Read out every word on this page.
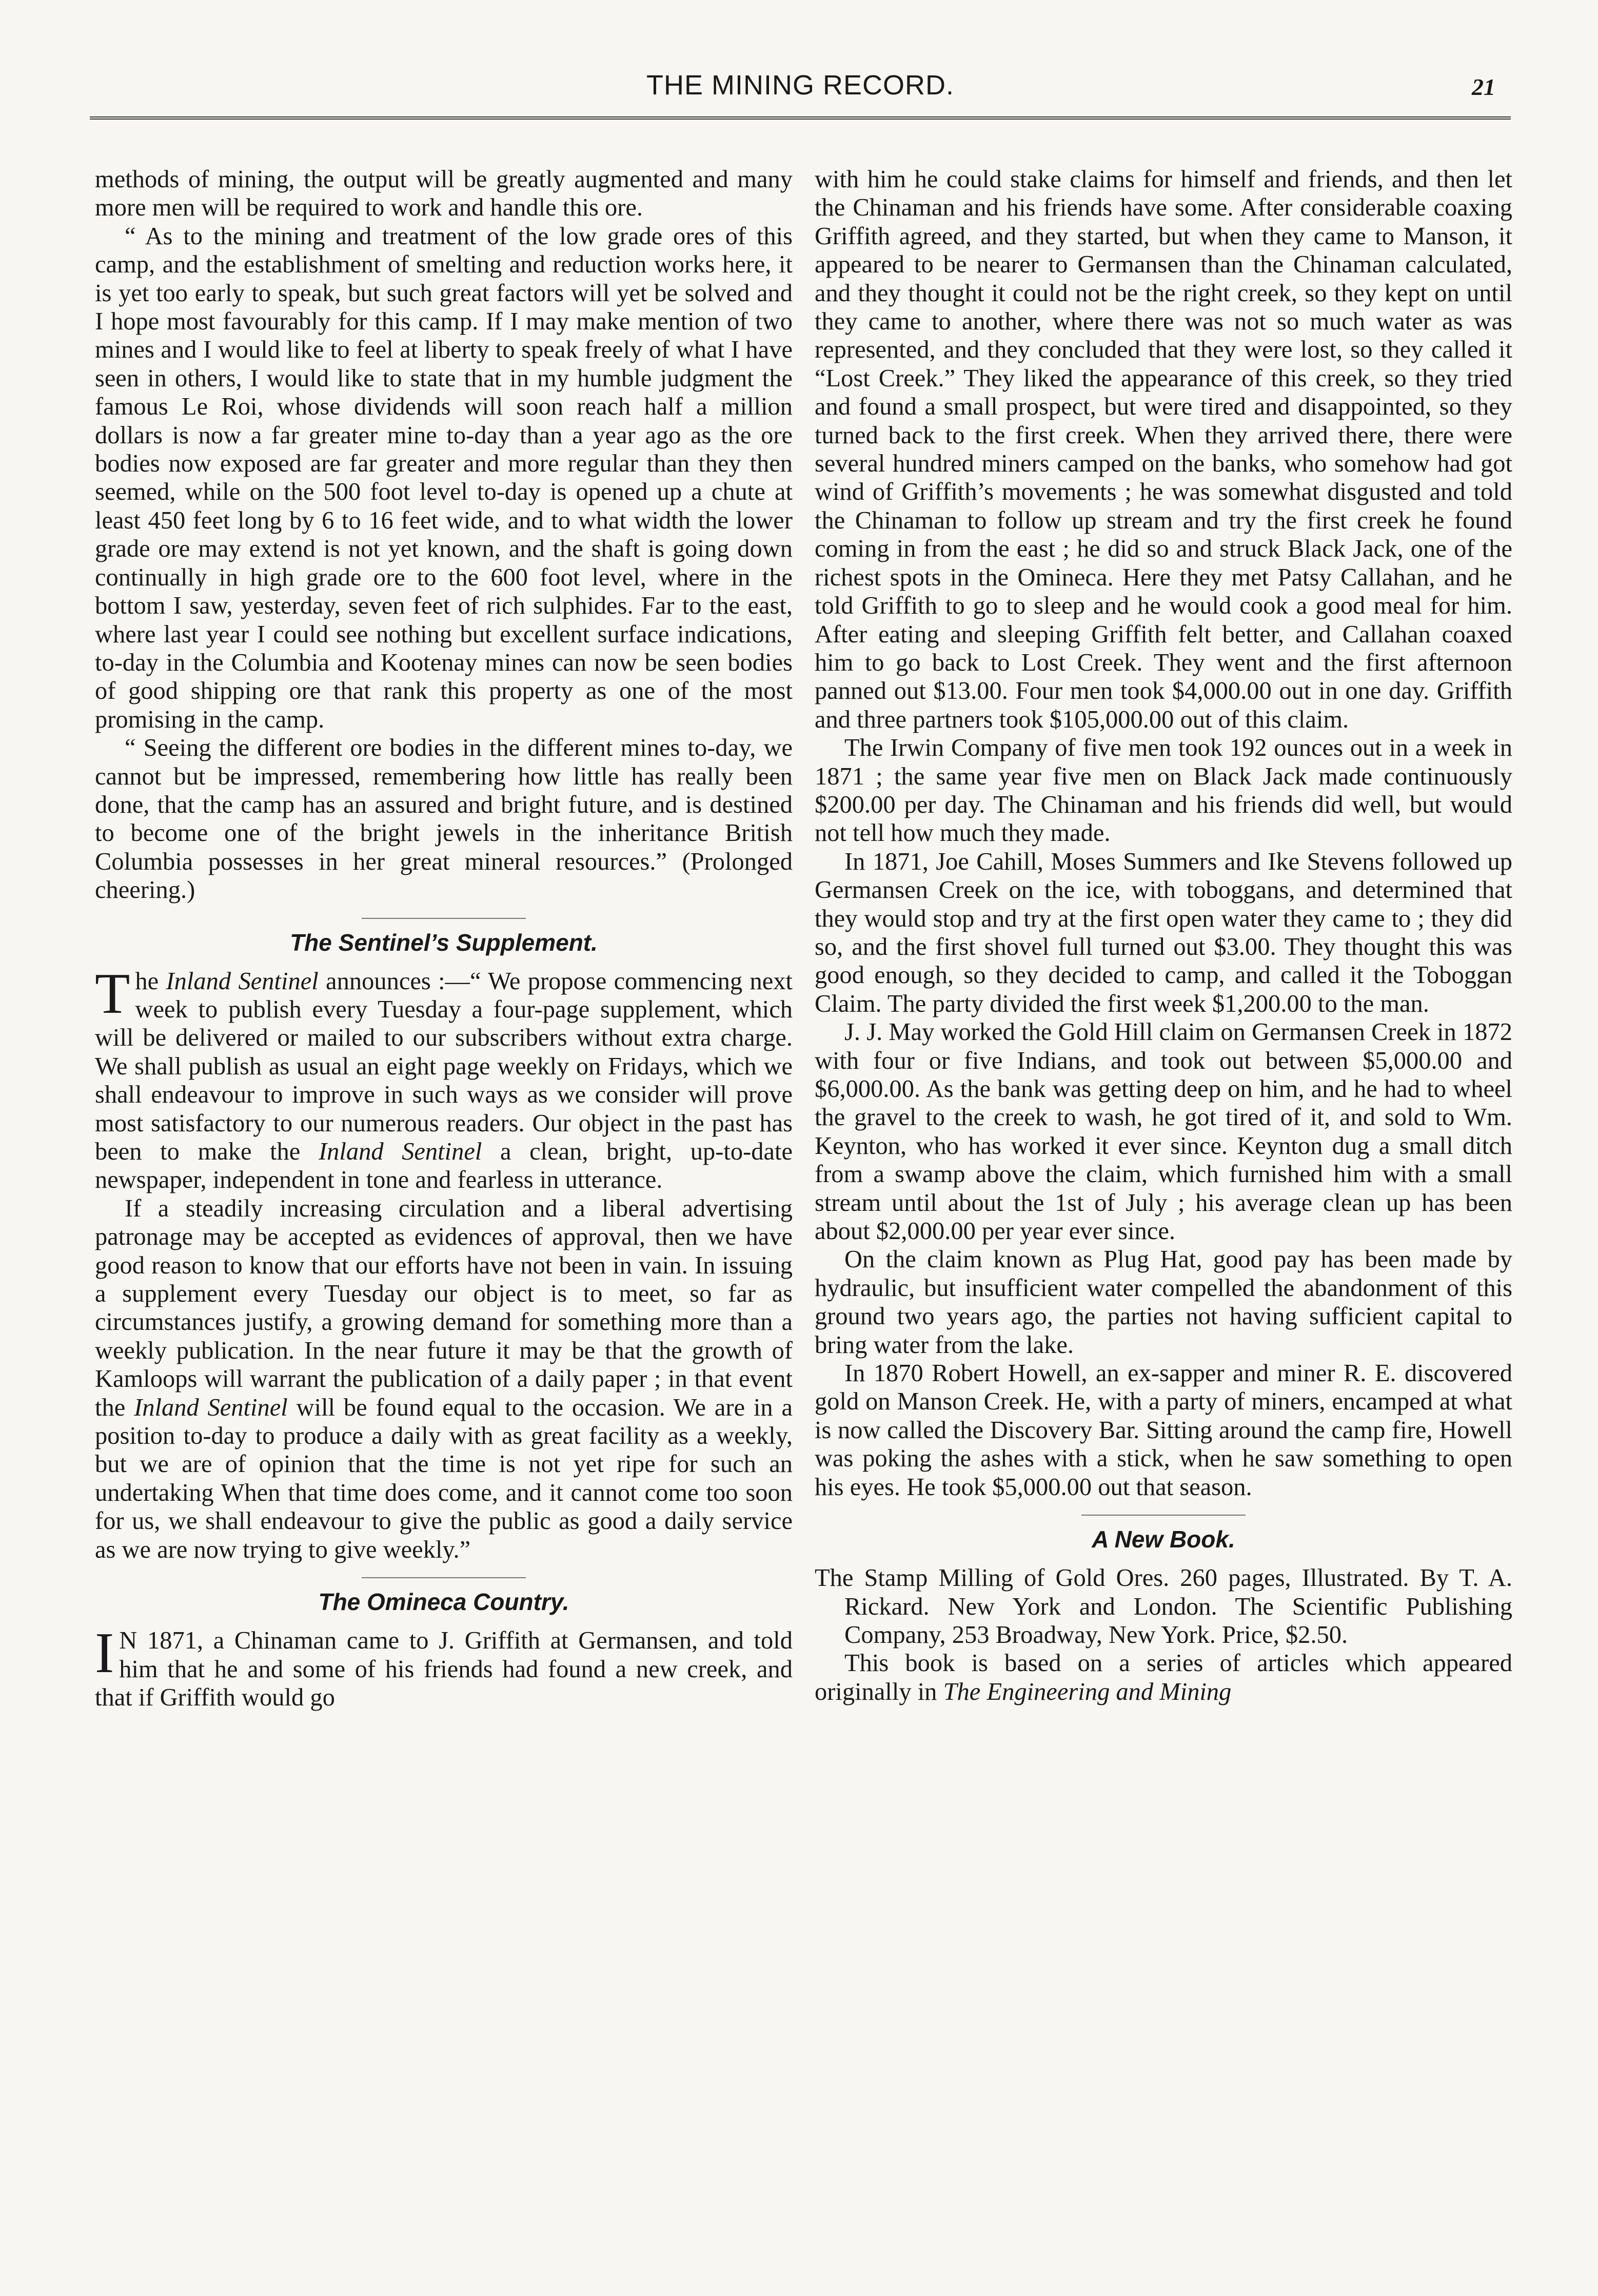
THE MINING RECORD.	21

methods of mining, the output will be greatly augmented and many more men will be required to work and handle this ore.

“ As to the mining and treatment of the low grade ores of this camp, and the establishment of smelting and reduction works here, it is yet too early to speak, but such great factors will yet be solved and I hope most favourably for this camp. If I may make mention of two mines and I would like to feel at liberty to speak freely of what I have seen in others, I would like to state that in my humble judgment the famous Le Roi, whose dividends will soon reach half a million dollars is now a far greater mine to-day than a year ago as the ore bodies now exposed are far greater and more regular than they then seemed, while on the 500 foot level to-day is opened up a chute at least 450 feet long by 6 to 16 feet wide, and to what width the lower grade ore may extend is not yet known, and the shaft is going down continually in high grade ore to the 600 foot level, where in the bottom I saw, yesterday, seven feet of rich sulphides. Far to the east, where last year I could see nothing but excellent surface indications, to-day in the Columbia and Kootenay mines can now be seen bodies of good shipping ore that rank this property as one of the most promising in the camp.

“ Seeing the different ore bodies in the different mines to-day, we cannot but be impressed, remembering how little has really been done, that the camp has an assured and bright future, and is destined to become one of the bright jewels in the inheritance British Columbia possesses in her great mineral resources.” (Prolonged cheering.)

The Sentinel’s Supplement.

The Inland Sentinel announces :—“ We propose commencing next week to publish every Tuesday a four-page supplement, which will be delivered or mailed to our subscribers without extra charge. We shall publish as usual an eight page weekly on Fridays, which we shall endeavour to improve in such ways as we consider will prove most satisfactory to our numerous readers. Our object in the past has been to make the Inland Sentinel a clean, bright, up-to-date newspaper, independent in tone and fearless in utterance.

If a steadily increasing circulation and a liberal advertising patronage may be accepted as evidences of approval, then we have good reason to know that our efforts have not been in vain. In issuing a supplement every Tuesday our object is to meet, so far as circumstances justify, a growing demand for something more than a weekly publication. In the near future it may be that the growth of Kamloops will warrant the publication of a daily paper ; in that event the Inland Sentinel will be found equal to the occasion. We are in a position to-day to produce a daily with as great facility as a weekly, but we are of opinion that the time is not yet ripe for such an undertaking When that time does come, and it cannot come too soon for us, we shall endeavour to give the public as good a daily service as we are now trying to give weekly.”

The Omineca Country.

I N 1871, a Chinaman came to J. Griffith at Germansen, and told him that he and some of his friends had found a new creek, and that if Griffith would go

with him he could stake claims for himself and friends, and then let the Chinaman and his friends have some. After considerable coaxing Griffith agreed, and they started, but when they came to Manson, it appeared to be nearer to Germansen than the Chinaman calculated, and they thought it could not be the right creek, so they kept on until they came to another, where there was not so much water as was represented, and they concluded that they were lost, so they called it “Lost Creek.” They liked the appearance of this creek, so they tried and found a small prospect, but were tired and disappointed, so they turned back to the first creek. When they arrived there, there were several hundred miners camped on the banks, who somehow had got wind of Griffith’s movements ; he was somewhat disgusted and told the Chinaman to follow up stream and try the first creek he found coming in from the east ; he did so and struck Black Jack, one of the richest spots in the Omineca. Here they met Patsy Callahan, and he told Griffith to go to sleep and he would cook a good meal for him. After eating and sleeping Griffith felt better, and Callahan coaxed him to go back to Lost Creek. They went and the first afternoon panned out $13.00. Four men took $4,000.00 out in one day. Griffith and three partners took $105,000.00 out of this claim.

The Irwin Company of five men took 192 ounces out in a week in 1871 ; the same year five men on Black Jack made continuously $200.00 per day. The Chinaman and his friends did well, but would not tell how much they made.

In 1871, Joe Cahill, Moses Summers and Ike Stevens followed up Germansen Creek on the ice, with toboggans, and determined that they would stop and try at the first open water they came to ; they did so, and the first shovel full turned out $3.00. They thought this was good enough, so they decided to camp, and called it the Toboggan Claim. The party divided the first week $1,200.00 to the man.

J. J. May worked the Gold Hill claim on Germansen Creek in 1872 with four or five Indians, and took out between $5,000.00 and $6,000.00. As the bank was getting deep on him, and he had to wheel the gravel to the creek to wash, he got tired of it, and sold to Wm. Keynton, who has worked it ever since. Keynton dug a small ditch from a swamp above the claim, which furnished him with a small stream until about the 1st of July ; his average clean up has been about $2,000.00 per year ever since.

On the claim known as Plug Hat, good pay has been made by hydraulic, but insufficient water compelled the abandonment of this ground two years ago, the parties not having sufficient capital to bring water from the lake.

In 1870 Robert Howell, an ex-sapper and miner R. E. discovered gold on Manson Creek. He, with a party of miners, encamped at what is now called the Discovery Bar. Sitting around the camp fire, Howell was poking the ashes with a stick, when he saw something to open his eyes. He took $5,000.00 out that season.

A New Book.

The Stamp Milling of Gold Ores. 260 pages, Illustrated. By T. A. Rickard. New York and London. The Scientific Publishing Company, 253 Broadway, New York. Price, $2.50.

This book is based on a series of articles which appeared originally in The Engineering and Mining
